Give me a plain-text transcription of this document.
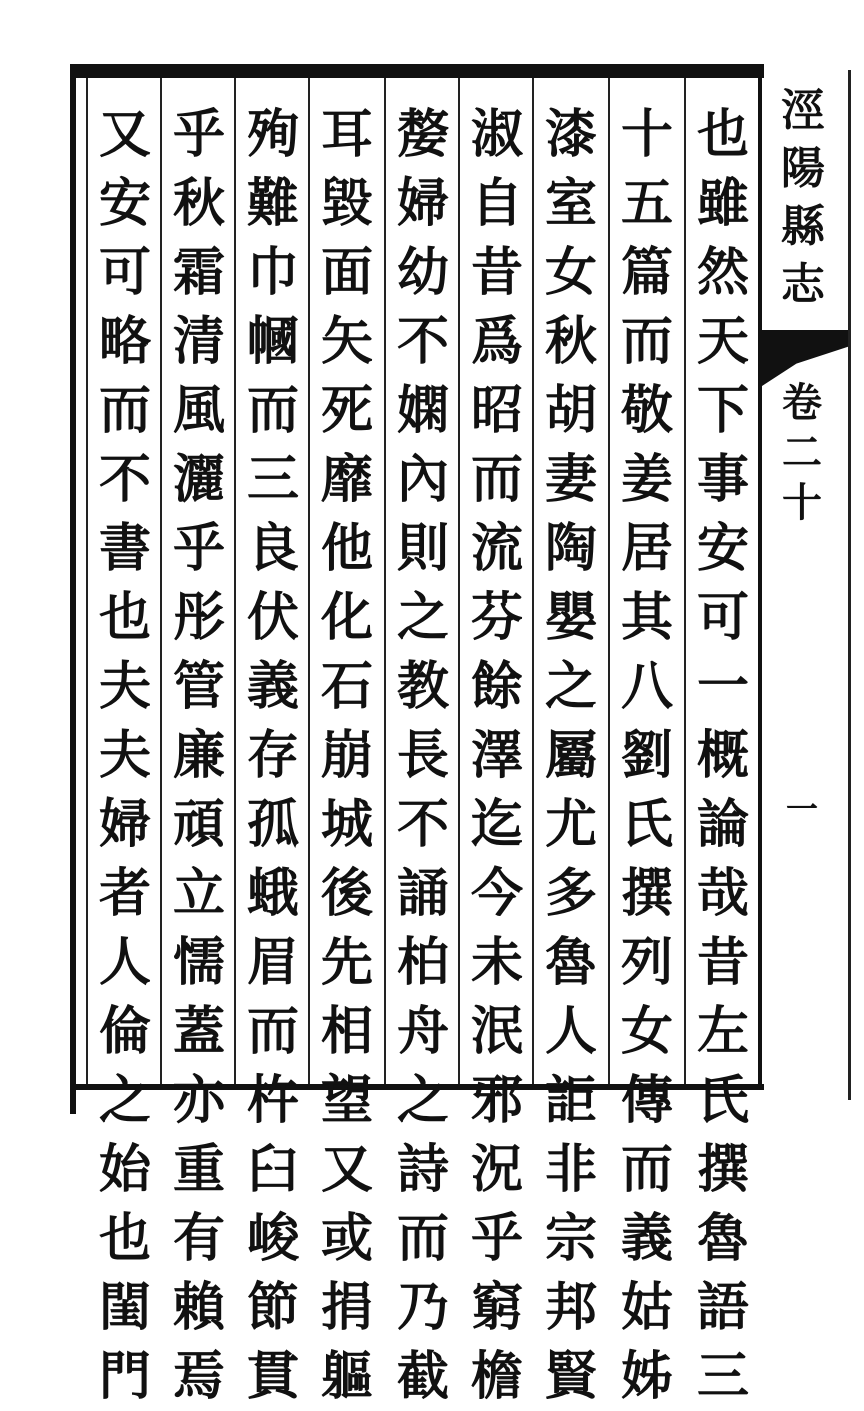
涇
陽
縣
志
卷
二
十
一
也
雖
然
天
下
事
安
可
一
概
論
哉
昔
左
氏
撰
魯
語
三
十
五
篇
而
敬
姜
居
其
八
劉
氏
撰
列
女
傳
而
義
姑
姊
漆
室
女
秋
胡
妻
陶
嬰
之
屬
尤
多
魯
人
詎
非
宗
邦
賢
淑
自
昔
爲
昭
而
流
芬
餘
澤
迄
今
未
泯
邪
況
乎
窮
檐
嫠
婦
幼
不
嫻
內
則
之
教
長
不
誦
柏
舟
之
詩
而
乃
截
耳
毀
面
矢
死
靡
他
化
石
崩
城
後
先
相
望
又
或
捐
軀
殉
難
巾
幗
而
三
良
伏
義
存
孤
蛾
眉
而
杵
臼
峻
節
貫
乎
秋
霜
清
風
灑
乎
彤
管
廉
頑
立
懦
蓋
亦
重
有
賴
焉
又
安
可
略
而
不
書
也
夫
夫
婦
者
人
倫
之
始
也
閨
門
